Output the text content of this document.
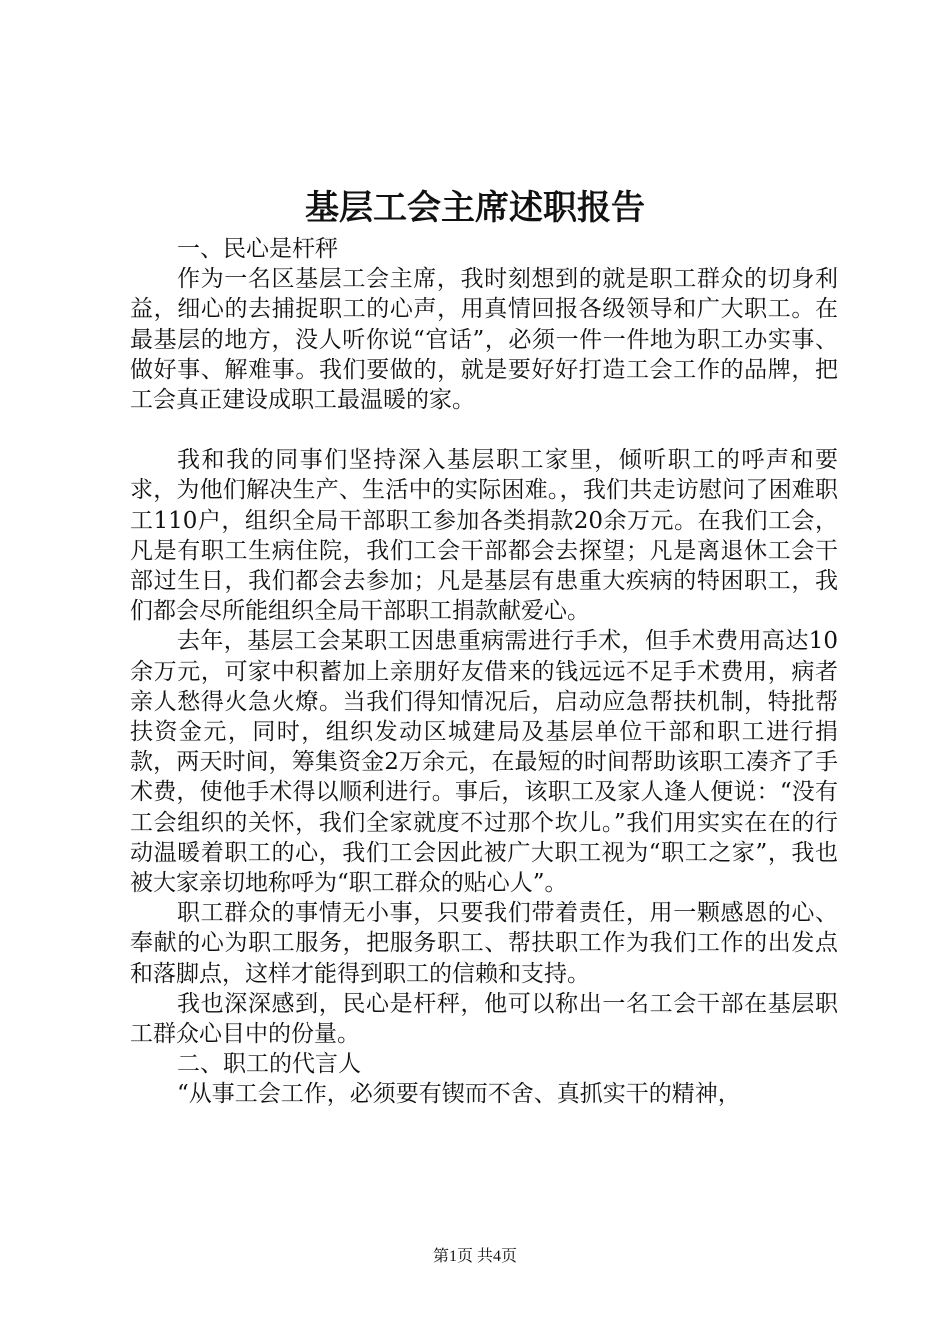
基层工会主席述职报告

一、民心是杆秤

作为一名区基层工会主席，我时刻想到的就是职工群众的切身利益，细心的去捕捉职工的心声，用真情回报各级领导和广大职工。在最基层的地方，没人听你说“官话”，必须一件一件地为职工办实事、做好事、解难事。我们要做的，就是要好好打造工会工作的品牌，把工会真正建设成职工最温暖的家。

我和我的同事们坚持深入基层职工家里，倾听职工的呼声和要求，为他们解决生产、生活中的实际困难。，我们共走访慰问了困难职工110户，组织全局干部职工参加各类捐款20余万元。在我们工会，凡是有职工生病住院，我们工会干部都会去探望；凡是离退休工会干部过生日，我们都会去参加；凡是基层有患重大疾病的特困职工，我们都会尽所能组织全局干部职工捐款献爱心。

去年，基层工会某职工因患重病需进行手术，但手术费用高达10余万元，可家中积蓄加上亲朋好友借来的钱远远不足手术费用，病者亲人愁得火急火燎。当我们得知情况后，启动应急帮扶机制，特批帮扶资金元，同时，组织发动区城建局及基层单位干部和职工进行捐款，两天时间，筹集资金2万余元，在最短的时间帮助该职工凑齐了手术费，使他手术得以顺利进行。事后，该职工及家人逢人便说：“没有工会组织的关怀，我们全家就度不过那个坎儿。”我们用实实在在的行动温暖着职工的心，我们工会因此被广大职工视为“职工之家”，我也被大家亲切地称呼为“职工群众的贴心人”。

职工群众的事情无小事，只要我们带着责任，用一颗感恩的心、奉献的心为职工服务，把服务职工、帮扶职工作为我们工作的出发点和落脚点，这样才能得到职工的信赖和支持。

我也深深感到，民心是杆秤，他可以称出一名工会干部在基层职工群众心目中的份量。

二、职工的代言人

“从事工会工作，必须要有锲而不舍、真抓实干的精神，

第1页 共4页
